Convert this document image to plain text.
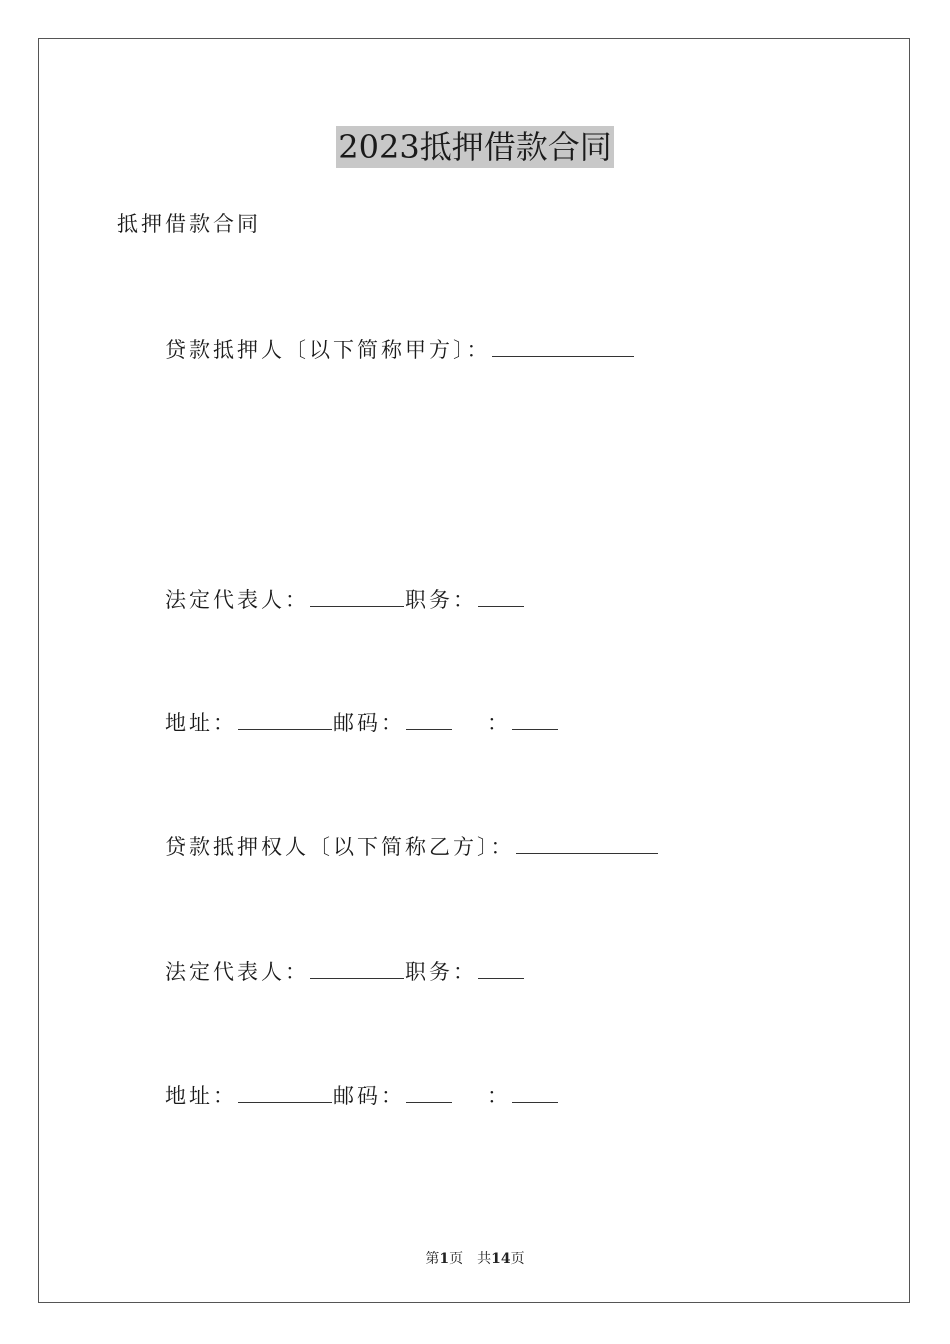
2023抵押借款合同
抵押借款合同
贷款抵押人〔以下简称甲方〕：
法定代表人：	职务：
地址：	邮码：	：
贷款抵押权人〔以下简称乙方〕：
法定代表人：	职务：
地址：	邮码：	：
第1页 共14页
